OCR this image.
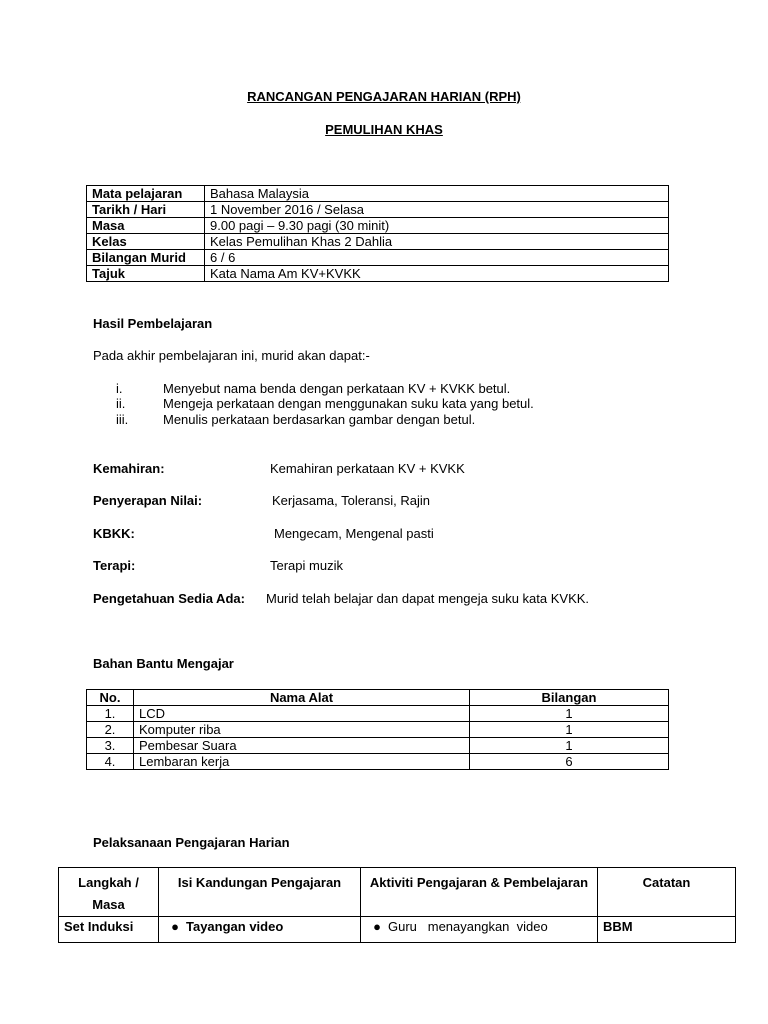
RANCANGAN PENGAJARAN HARIAN (RPH)
PEMULIHAN KHAS
Mata pelajaran	Bahasa Malaysia
Tarikh / Hari	1 November 2016 / Selasa
Masa	9.00 pagi – 9.30 pagi (30 minit)
Kelas	Kelas Pemulihan Khas 2 Dahlia
Bilangan Murid	6 / 6
Tajuk	Kata Nama Am KV+KVKK
Hasil Pembelajaran
Pada akhir pembelajaran ini, murid akan dapat:-
i.	Menyebut nama benda dengan perkataan KV + KVKK betul.
ii.	Mengeja perkataan dengan menggunakan suku kata yang betul.
iii.	Menulis perkataan berdasarkan gambar dengan betul.
Kemahiran:	Kemahiran perkataan KV + KVKK
Penyerapan Nilai:	Kerjasama, Toleransi, Rajin
KBKK:	Mengecam, Mengenal pasti
Terapi:	Terapi muzik
Pengetahuan Sedia Ada: Murid telah belajar dan dapat mengeja suku kata KVKK.
Bahan Bantu Mengajar
No.	Nama Alat	Bilangan
1.	LCD	1
2.	Komputer riba	1
3.	Pembesar Suara	1
4.	Lembaran kerja	6
Pelaksanaan Pengajaran Harian
Langkah / Masa	Isi Kandungan Pengajaran	Aktiviti Pengajaran & Pembelajaran	Catatan
Set Induksi	● Tayangan video	● Guru   menayangkan  video	BBM
